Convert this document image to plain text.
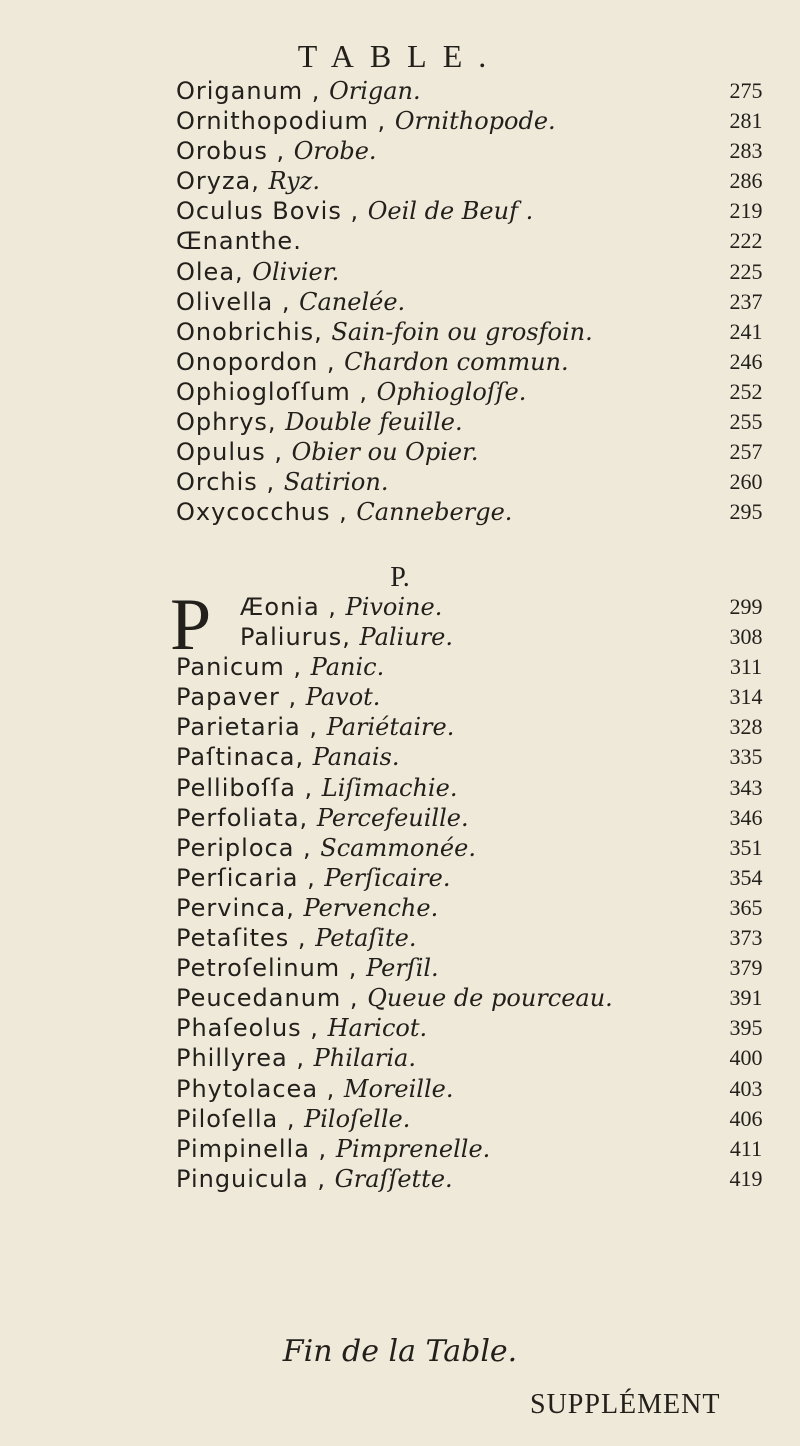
TABLE.
Origanum , Origan.	275
Ornithopodium , Ornithopode.	281
Orobus , Orobe.	283
Oryza, Ryz.	286
Oculus Bovis , Oeil de Beuf .	219
Œnanthe.	222
Olea, Olivier.	225
Olivella , Canelée.	237
Onobrichis, Sain-foin ou grosfoin.	241
Onopordon , Chardon commun.	246
Ophiogloſſum , Ophiogloſſe.	252
Ophrys, Double feuille.	255
Opulus , Obier ou Opier.	257
Orchis , Satirion.	260
Oxycocchus , Canneberge.	295
P.
P	Æonia , Pivoine.	299
Paliurus, Paliure.	308
Panicum , Panic.	311
Papaver , Pavot.	314
Parietaria , Pariétaire.	328
Paſtinaca, Panais.	335
Pelliboſſa , Liſimachie.	343
Perfoliata, Percefeuille.	346
Periploca , Scammonée.	351
Perſicaria , Perſicaire.	354
Pervinca, Pervenche.	365
Petaſites , Petaſite.	373
Petroſelinum , Perſil.	379
Peucedanum , Queue de pourceau.	391
Phaſeolus , Haricot.	395
Phillyrea , Philaria.	400
Phytolacea , Moreille.	403
Piloſella , Piloſelle.	406
Pimpinella , Pimprenelle.	411
Pinguicula , Graſſette.	419
Fin de la Table.
SUPPLÉMENT
